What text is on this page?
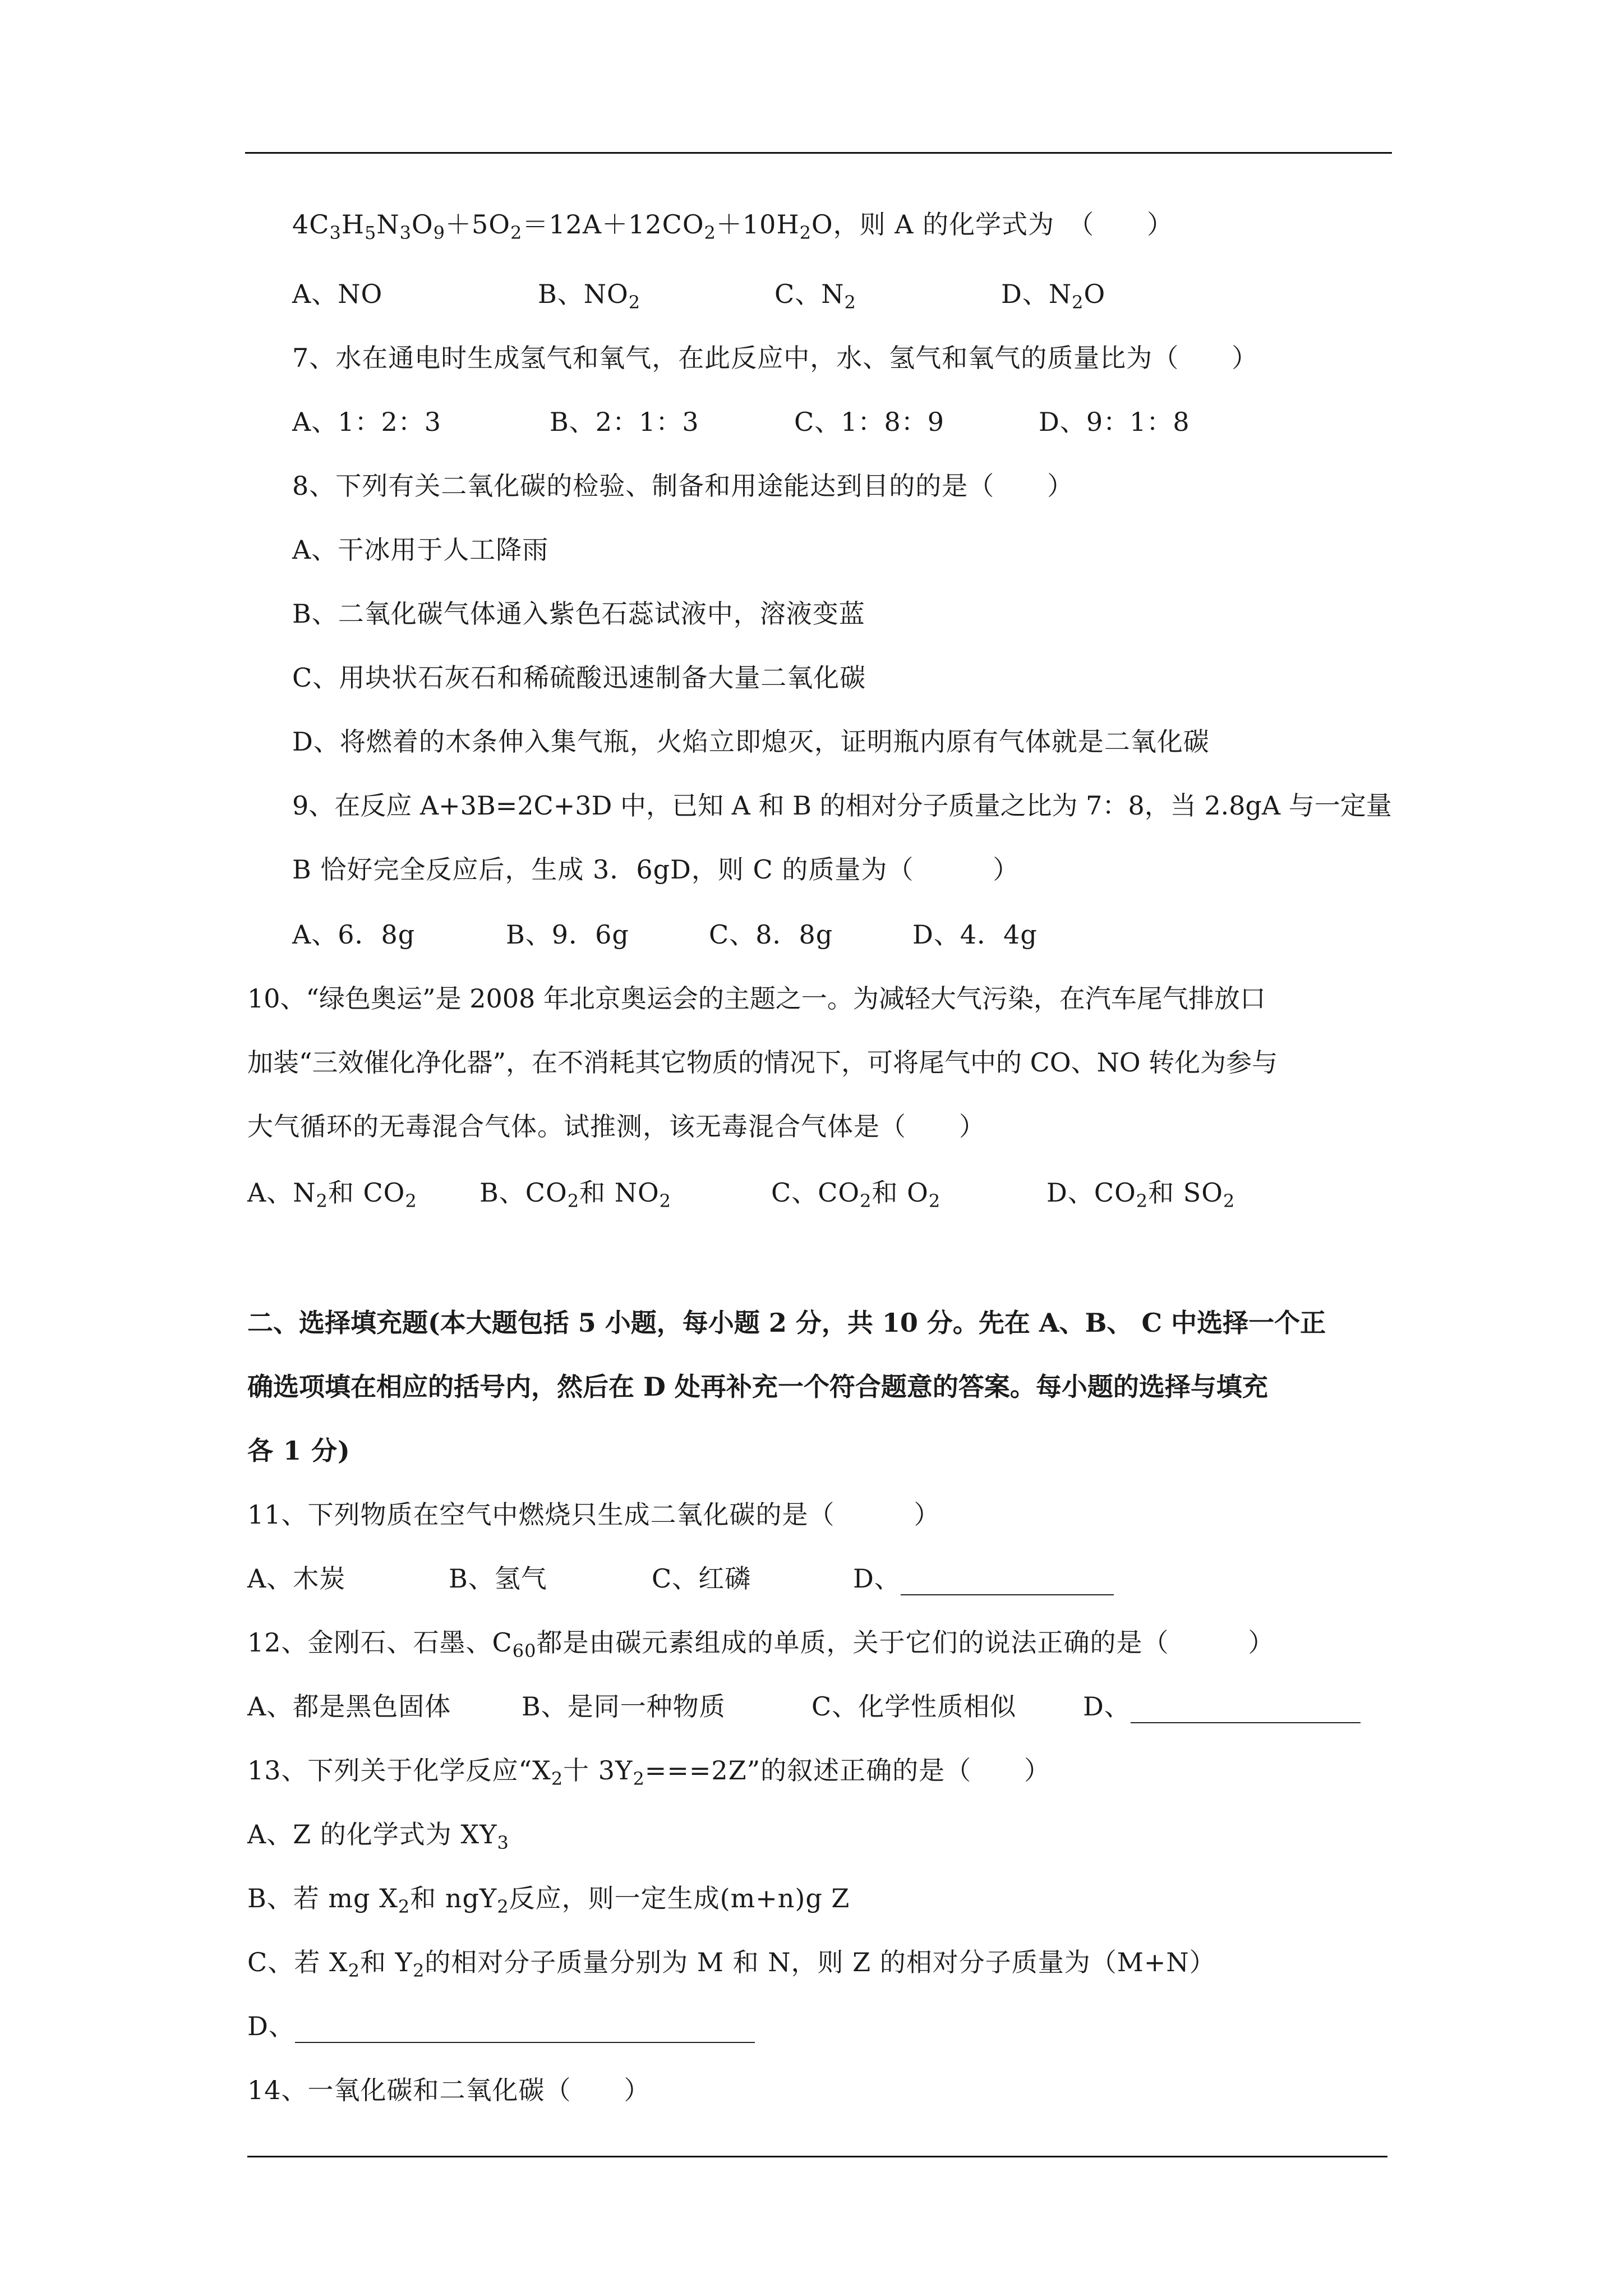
$4C_3H_5N_3O_9+5O_2=12A+12CO_2+10H_2O$，则 A 的化学式为　（　　）
A、NO	B、$NO_2$	C、$N_2$	D、$N_2O$
7、水在通电时生成氢气和氧气，在此反应中，水、氢气和氧气的质量比为（　　）
A、1：2：3	B、2：1：3	C、1：8：9	D、9：1：8
8、下列有关二氧化碳的检验、制备和用途能达到目的的是（　　）
A、干冰用于人工降雨
B、二氧化碳气体通入紫色石蕊试液中，溶液变蓝
C、用块状石灰石和稀硫酸迅速制备大量二氧化碳
D、将燃着的木条伸入集气瓶，火焰立即熄灭，证明瓶内原有气体就是二氧化碳
9、在反应 A+3B=2C+3D 中，已知 A 和 B 的相对分子质量之比为 7：8，当 2.8gA 与一定量
B 恰好完全反应后，生成 3．6gD，则 C 的质量为（　　　）
A、6．8g	B、9．6g	C、8．8g	D、4．4g
10、“绿色奥运”是 2008 年北京奥运会的主题之一。为减轻大气污染，在汽车尾气排放口
加装“三效催化净化器”，在不消耗其它物质的情况下，可将尾气中的 CO、NO 转化为参与
大气循环的无毒混合气体。试推测，该无毒混合气体是（　　）
A、$N_2$和 $CO_2$ B、$CO_2$和 $NO_2$	C、$CO_2$和 $O_2$	D、$CO_2$和 $SO_2$
二、选择填充题(本大题包括 5 小题，每小题 2 分，共 10 分。先在 A、B、 C 中选择一个正
确选项填在相应的括号内，然后在 D 处再补充一个符合题意的答案。每小题的选择与填充
各 1 分)
11、下列物质在空气中燃烧只生成二氧化碳的是（　　　）
A、木炭	B、氢气	C、红磷	D、
12、金刚石、石墨、$C_{60}$都是由碳元素组成的单质，关于它们的说法正确的是（　　　）
A、都是黑色固体	B、是同一种物质	C、化学性质相似	D、
13、下列关于化学反应“$X_2$十 $3Y_2===2Z$”的叙述正确的是（　　）
A、Z 的化学式为 $XY_3$
B、若 mg $X_2$和 ngY$_2$反应，则一定生成(m+n)g Z
C、若 $X_2$和 $Y_2$的相对分子质量分别为 M 和 N，则 Z 的相对分子质量为（M+N）
D、
14、一氧化碳和二氧化碳（　　）
